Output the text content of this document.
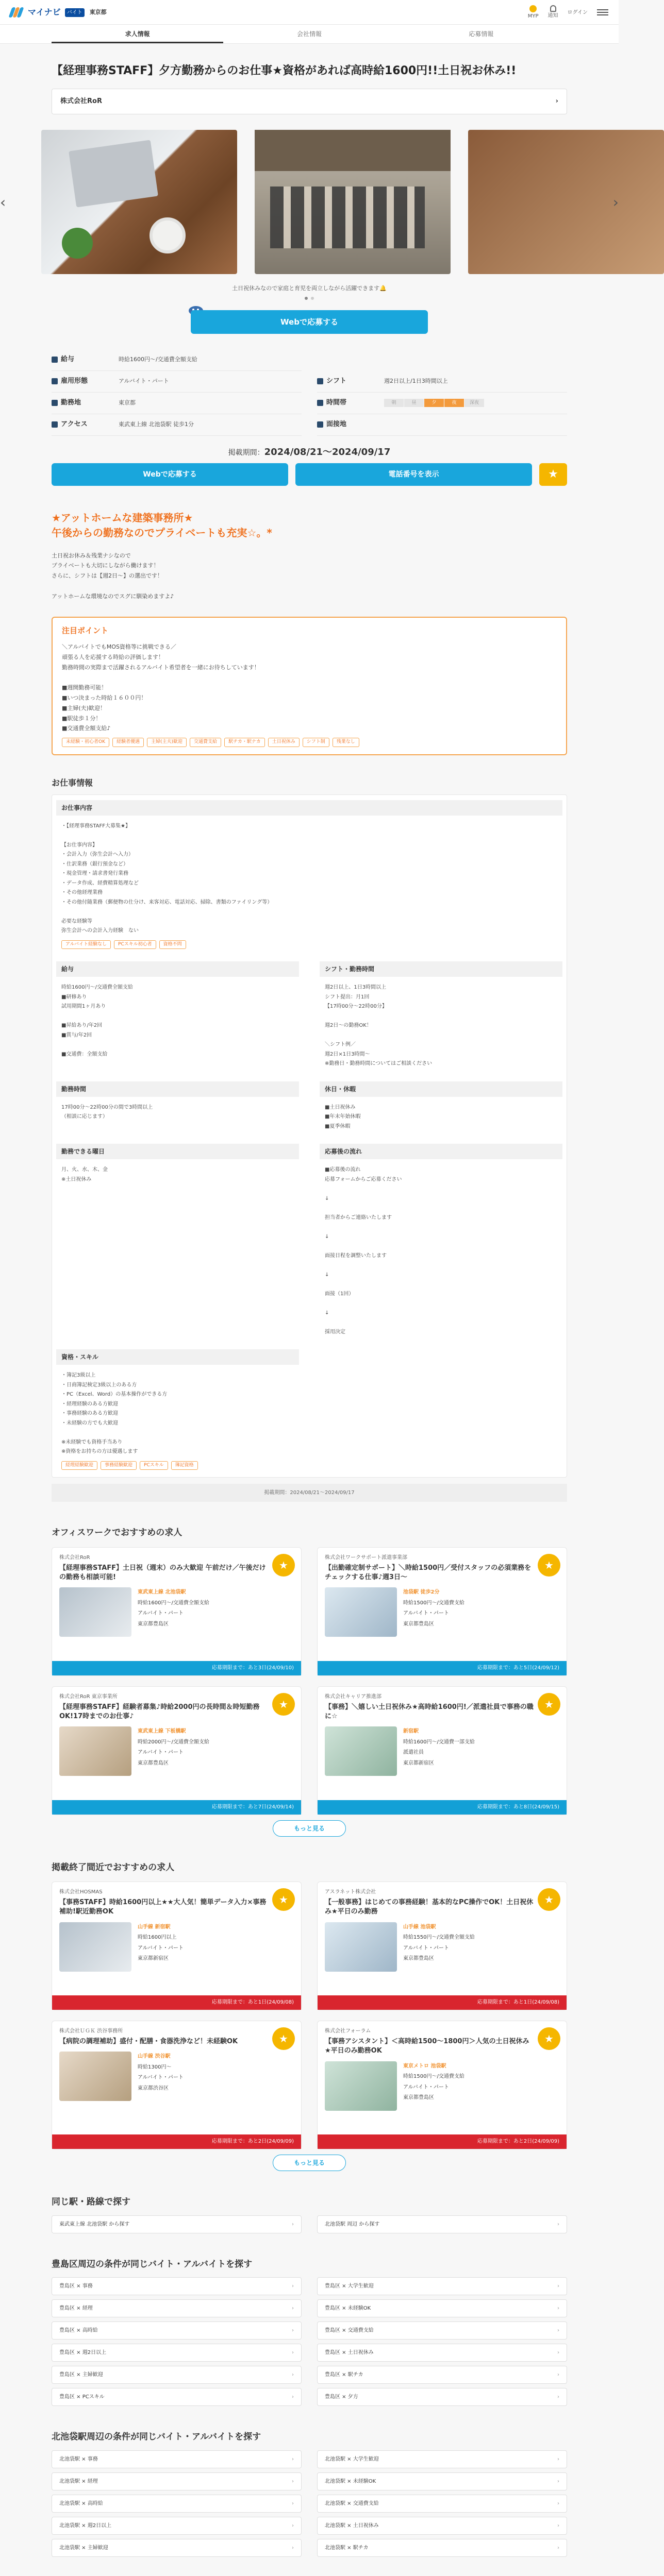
マイナビ	バイト	東京都
MYP 通知
ログイン
求人情報	会社情報	応募情報
【経理事務STAFF】夕方勤務からのお仕事★資格があれば高時給1600円!!土日祝お休み!!
株式会社RoR	›
‹	›
土日祝休みなので家庭と育児を両立しながら活躍できます🔔
Webで応募する
給与	時給1600円〜/交通費全額支給
雇用形態	アルバイト・パート
勤務地	東京都
アクセス	東武東上線 北池袋駅 徒歩1分
シフト	週2日以上/1日3時間以上
時間帯	朝	昼	夕	夜	深夜
面接地
掲載期間：2024/08/21〜2024/09/17
Webで応募する	電話番号を表示	★
★アットホームな建築事務所★
午後からの勤務なのでプライベートも充実☆。*

土日祝お休み＆残業ナシなので
プライベートも大切にしながら働けます！
さらに、シフトは【週2日～】の選出です！

アットホームな環境なのでスグに馴染めますよ♪

注目ポイント

＼アルバイトでもMOS資格等に挑戦できる／
頑張る人を応援する時給の評価します！
勤務時間の実際まで活躍されるアルバイト希望者を一緒にお待ちしています！

■週開勤務可能！
■いつ決まった時給１６００円！
■主婦(夫)歓迎！
■駅徒歩１分！
■交通費全額支給♪

未経験・初心者OK	経験者優遇	主婦(主夫)歓迎	交通費支給	駅チカ・駅ナカ	土日祝休み	シフト制	残業なし
お仕事情報
お仕事内容

・【経理事務STAFF大募集★】

【お仕事内容】
・会計入力（弥生会計へ入力）
・仕訳業務（銀行預金など）
・現金管理・請求書発行業務
・データ作成、経費精算処理など
・その他経理業務
・その他付随業務（郵便物の仕分け、来客対応、電話対応、掃除、書類のファイリング等）

必要な経験等
弥生会計への会計入力経験　ない

アルバイト経験なし	PCスキル初心者	資格不問
給与

時給1600円〜/交通費全額支給
■研修あり
試用期間1ヶ月あり

■昇給あり/年2回
■賞与/年2回

■交通費：全額支給

シフト・勤務時間

週2日以上、1日3時間以上
シフト提出：月1回
【17時00分〜22時00分】

週2日〜の勤務OK！

＼シフト例／
週2日×1日3時間〜
※勤務日・勤務時間についてはご相談ください

勤務時間

17時00分〜22時00分の間で3時間以上
（相談に応じます）

休日・休暇

■土日祝休み
■年末年始休暇
■夏季休暇

勤務できる曜日

月、火、水、木、金
※土日祝休み

応募後の流れ

■応募後の流れ
応募フォームからご応募ください

↓

担当者からご連絡いたします

↓

面接日程を調整いたします

↓

面接（1回）

↓

採用決定

資格・スキル

・簿記3級以上
・日商簿記検定3級以上のある方
・PC（Excel、Word）の基本操作ができる方
・経理経験のある方歓迎
・事務経験のある方歓迎
・未経験の方でも大歓迎

※未経験でも資格手当あり
※資格をお持ちの方は優遇します

経理経験歓迎	事務経験歓迎	PCスキル	簿記資格
掲載期間：2024/08/21〜2024/09/17
オフィスワークでおすすめの求人
株式会社RoR
【経理事務STAFF】土日祝（週末）のみ大歓迎 午前だけ／午後だけの勤務も相談可能!
東武東上線 北池袋駅
時給1600円〜/交通費全額支給
アルバイト・パート
東京都豊島区

★
応募期限まで：あと3日(24/09/10)
株式会社ワークサポート派遣事業部
【出勤確定制サポート】＼時給1500円／受付スタッフの必須業務をチェックする仕事♪週3日〜
池袋駅 徒歩2分
時給1500円〜/交通費支給
アルバイト・パート
東京都豊島区

★
応募期限まで：あと5日(24/09/12)
株式会社RoR 東京事業所
【経理事務STAFF】経験者募集♪時給2000円の長時間＆時短勤務OK!17時までのお仕事♪
東武東上線 下板橋駅
時給2000円〜/交通費全額支給
アルバイト・パート
東京都豊島区

★
応募期限まで：あと7日(24/09/14)
株式会社キャリア推進部
【事務】＼嬉しい土日祝休み★高時給1600円!／派遣社員で事務の職に☆
新宿駅
時給1600円〜/交通費一部支給
派遣社員
東京都新宿区

★
応募期限まで：あと8日(24/09/15)
もっと見る
掲載終了間近でおすすめの求人
株式会社HOSMAS
【事務STAFF】時給1600円以上★★大人気！簡単データ入力×事務補助!駅近勤務OK
山手線 新宿駅
時給1600円以上
アルバイト・パート
東京都新宿区

★
応募期限まで：あと1日(24/09/08)
アスラネット株式会社
【一般事務】はじめての事務経験！基本的なPC操作でOK！土日祝休み★平日のみ勤務
山手線 池袋駅
時給1550円〜/交通費全額支給
アルバイト・パート
東京都豊島区

★
応募期限まで：あと1日(24/09/08)
株式会社ＵＧＫ 渋谷事務所
【病院の調理補助】盛付・配膳・食器洗浄など！未経験OK
山手線 渋谷駅
時給1300円〜
アルバイト・パート
東京都渋谷区

★
応募期限まで：あと2日(24/09/09)
株式会社フォーラム
【事務アシスタント】＜高時給1500〜1800円＞人気の土日祝休み★平日のみ勤務OK
東京メトロ 池袋駅
時給1500円〜/交通費支給
アルバイト・パート
東京都豊島区

★
応募期限まで：あと2日(24/09/09)
もっと見る
同じ駅・路線で探す
東武東上線 北池袋駅 から探す	›	北池袋駅 周辺 から探す	›
豊島区周辺の条件が同じバイト・アルバイトを探す
豊島区 × 事務	›	豊島区 × 大学生歓迎	›
豊島区 × 経理	›	豊島区 × 未経験OK	›
豊島区 × 高時給	›	豊島区 × 交通費支給	›
豊島区 × 週2日以上	›	豊島区 × 土日祝休み	›
豊島区 × 主婦歓迎	›	豊島区 × 駅チカ	›
豊島区 × PCスキル	›	豊島区 × 夕方	›
北池袋駅周辺の条件が同じバイト・アルバイトを探す
北池袋駅 × 事務	›	北池袋駅 × 大学生歓迎	›
北池袋駅 × 経理	›	北池袋駅 × 未経験OK	›
北池袋駅 × 高時給	›	北池袋駅 × 交通費支給	›
北池袋駅 × 週2日以上	›	北池袋駅 × 土日祝休み	›
北池袋駅 × 主婦歓迎	›	北池袋駅 × 駅チカ	›
